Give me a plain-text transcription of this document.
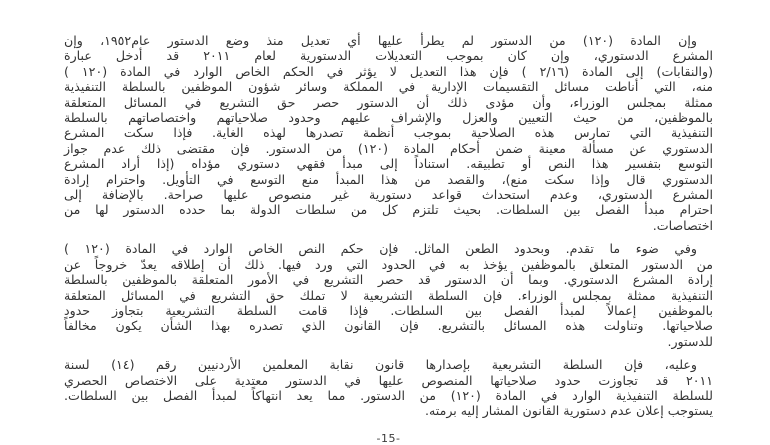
وإن المادة (١٢٠) من الدستور لم يطرأ عليها أي تعديل منذ وضع الدستور عام١٩٥٢، وإن
المشرع الدستوري، وإن كان بموجب التعديلات الدستورية لعام ٢٠١١ قد أدخل عبارة
(والنقابات) إلى المادة (٢/١٦ ) فإن هذا التعديل لا يؤثر في الحكم الخاص الوارد في المادة (١٢٠ )
منه، التي أناطت مسائل التقسيمات الإدارية في المملكة وسائر شؤون الموظفين بالسلطة التنفيذية
ممثلة بمجلس الوزراء، وأن مؤدى ذلك أن الدستور حصر حق التشريع في المسائل المتعلقة
بالموظفين، من حيث التعيين والعزل والإشراف عليهم وحدود صلاحياتهم واختصاصاتهم بالسلطة
التنفيذية التي تمارس هذه الصلاحية بموجب أنظمة تصدرها لهذه الغاية. فإذا سكت المشرع
الدستوري عن مسألة معينة ضمن أحكام المادة (١٢٠) من الدستور. فإن مقتضى ذلك عدم جواز
التوسع بتفسير هذا النص أو تطبيقه. استناداً إلى مبدأ فقهي دستوري مؤداه (إذا أراد المشرع
الدستوري قال وإذا سكت منع)، والقصد من هذا المبدأ منع التوسع في التأويل. واحترام إرادة
المشرع الدستوري، وعدم استحداث قواعد دستورية غير منصوص عليها صراحة. بالإضافة إلى
احترام مبدأ الفصل بين السلطات. بحيث تلتزم كل من سلطات الدولة بما حدده الدستور لها من
اختصاصات.
وفي ضوء ما تقدم. وبحدود الطعن الماثل. فإن حكم النص الخاص الوارد في المادة (١٢٠ )
من الدستور المتعلق بالموظفين يؤخذ به في الحدود التي ورد فيها. ذلك أن إطلاقه يعدّ خروجاً عن
إرادة المشرع الدستوري. وبما أن الدستور قد حصر التشريع في الأمور المتعلقة بالموظفين بالسلطة
التنفيذية ممثلة بمجلس الوزراء. فإن السلطة التشريعية لا تملك حق التشريع في المسائل المتعلقة
بالموظفين إعمالاً لمبدأ الفصل بين السلطات. فإذا قامت السلطة التشريعية بتجاوز حدود
صلاحياتها. وتناولت هذه المسائل بالتشريع. فإن القانون الذي تصدره بهذا الشأن يكون مخالفاً
للدستور.
وعليه، فإن السلطة التشريعية بإصدارها قانون نقابة المعلمين الأردنيين رقم (١٤) لسنة
٢٠١١ قد تجاوزت حدود صلاحياتها المنصوص عليها في الدستور معتدية على الاختصاص الحصري
للسلطة التنفيذية الوارد في المادة (١٢٠) من الدستور. مما يعد انتهاكاً لمبدأ الفصل بين السلطات.
يستوجب إعلان عدم دستورية القانون المشار إليه برمته.
-15-
